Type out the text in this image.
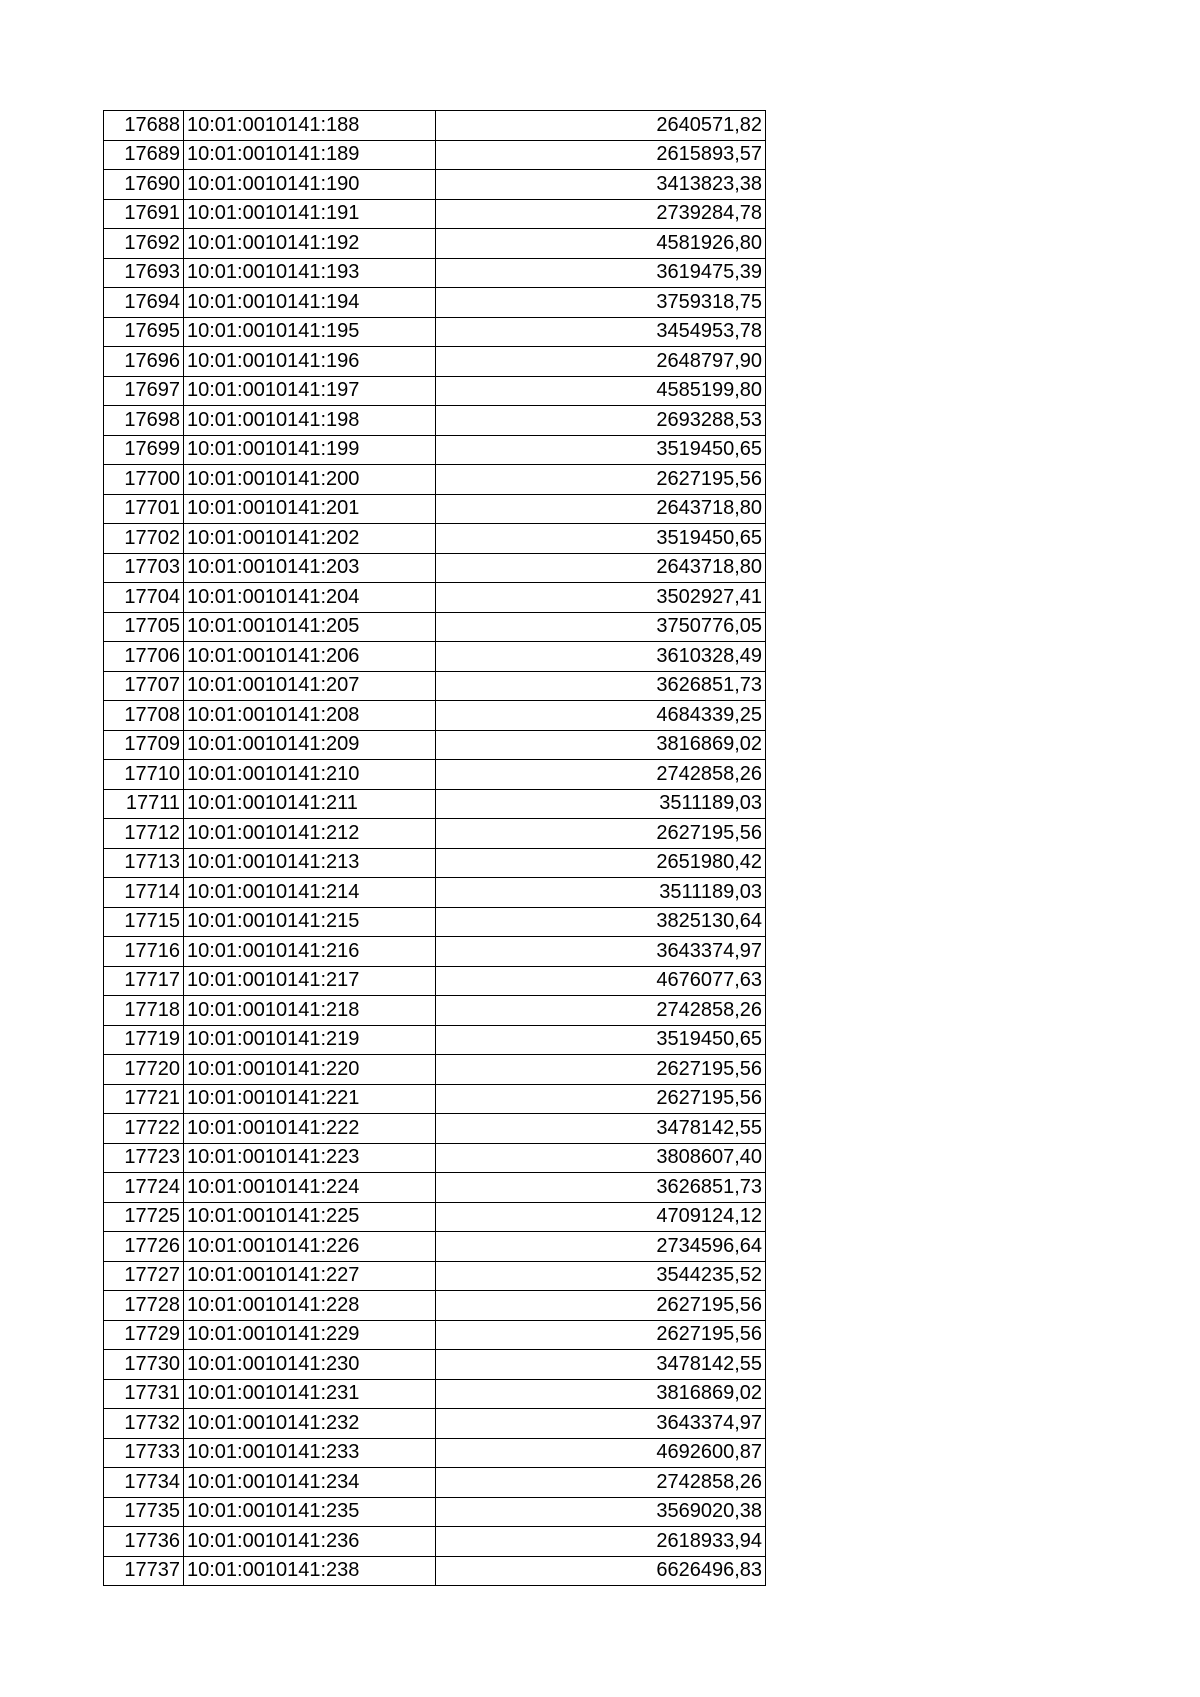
17688	10:01:0010141:188	2640571,82
17689	10:01:0010141:189	2615893,57
17690	10:01:0010141:190	3413823,38
17691	10:01:0010141:191	2739284,78
17692	10:01:0010141:192	4581926,80
17693	10:01:0010141:193	3619475,39
17694	10:01:0010141:194	3759318,75
17695	10:01:0010141:195	3454953,78
17696	10:01:0010141:196	2648797,90
17697	10:01:0010141:197	4585199,80
17698	10:01:0010141:198	2693288,53
17699	10:01:0010141:199	3519450,65
17700	10:01:0010141:200	2627195,56
17701	10:01:0010141:201	2643718,80
17702	10:01:0010141:202	3519450,65
17703	10:01:0010141:203	2643718,80
17704	10:01:0010141:204	3502927,41
17705	10:01:0010141:205	3750776,05
17706	10:01:0010141:206	3610328,49
17707	10:01:0010141:207	3626851,73
17708	10:01:0010141:208	4684339,25
17709	10:01:0010141:209	3816869,02
17710	10:01:0010141:210	2742858,26
17711	10:01:0010141:211	3511189,03
17712	10:01:0010141:212	2627195,56
17713	10:01:0010141:213	2651980,42
17714	10:01:0010141:214	3511189,03
17715	10:01:0010141:215	3825130,64
17716	10:01:0010141:216	3643374,97
17717	10:01:0010141:217	4676077,63
17718	10:01:0010141:218	2742858,26
17719	10:01:0010141:219	3519450,65
17720	10:01:0010141:220	2627195,56
17721	10:01:0010141:221	2627195,56
17722	10:01:0010141:222	3478142,55
17723	10:01:0010141:223	3808607,40
17724	10:01:0010141:224	3626851,73
17725	10:01:0010141:225	4709124,12
17726	10:01:0010141:226	2734596,64
17727	10:01:0010141:227	3544235,52
17728	10:01:0010141:228	2627195,56
17729	10:01:0010141:229	2627195,56
17730	10:01:0010141:230	3478142,55
17731	10:01:0010141:231	3816869,02
17732	10:01:0010141:232	3643374,97
17733	10:01:0010141:233	4692600,87
17734	10:01:0010141:234	2742858,26
17735	10:01:0010141:235	3569020,38
17736	10:01:0010141:236	2618933,94
17737	10:01:0010141:238	6626496,83
